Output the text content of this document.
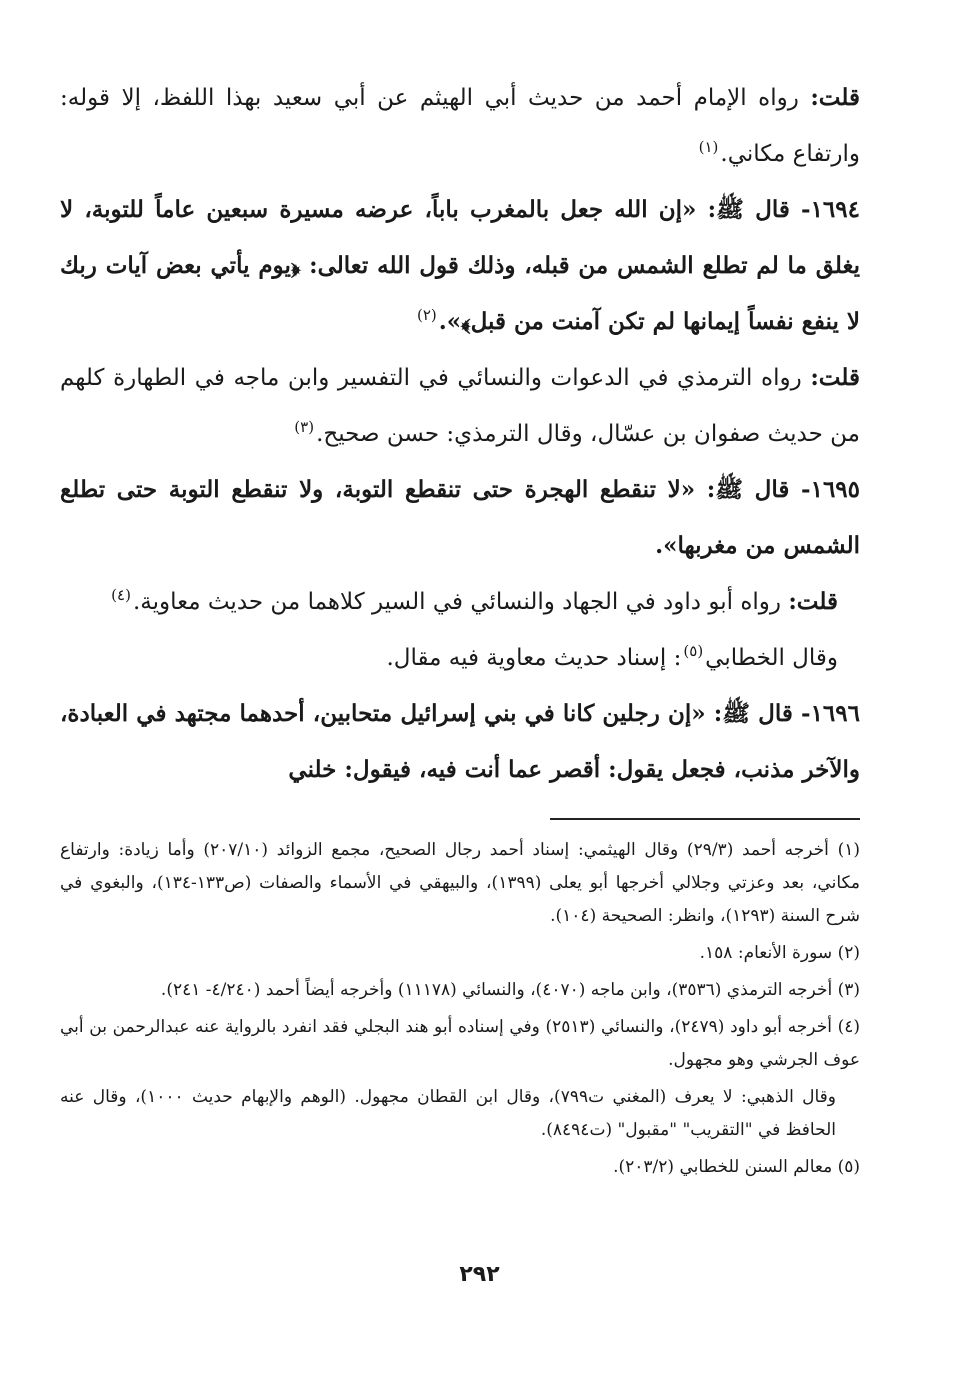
قلت: رواه الإمام أحمد من حديث أبي الهيثم عن أبي سعيد بهذا اللفظ، إلا قوله: وارتفاع مكاني.$^{(١)}$

١٦٩٤- قال ﷺ: «إن الله جعل بالمغرب باباً، عرضه مسيرة سبعين عاماً للتوبة، لا يغلق ما لم تطلع الشمس من قبله، وذلك قول الله تعالى: ﴿يوم يأتي بعض آيات ربك لا ينفع نفساً إيمانها لم تكن آمنت من قبل﴾».$^{(٢)}$

قلت: رواه الترمذي في الدعوات والنسائي في التفسير وابن ماجه في الطهارة كلهم من حديث صفوان بن عسّال، وقال الترمذي: حسن صحيح.$^{(٣)}$

١٦٩٥- قال ﷺ: «لا تنقطع الهجرة حتى تنقطع التوبة، ولا تنقطع التوبة حتى تطلع الشمس من مغربها».

قلت: رواه أبو داود في الجهاد والنسائي في السير كلاهما من حديث معاوية.$^{(٤)}$

وقال الخطابي$^{(٥)}$: إسناد حديث معاوية فيه مقال.

١٦٩٦- قال ﷺ: «إن رجلين كانا في بني إسرائيل متحابين، أحدهما مجتهد في العبادة، والآخر مذنب، فجعل يقول: أقصر عما أنت فيه، فيقول: خلني

(١) أخرجه أحمد (٢٩/٣) وقال الهيثمي: إسناد أحمد رجال الصحيح، مجمع الزوائد (٢٠٧/١٠) وأما زيادة: وارتفاع مكاني، بعد وعزتي وجلالي أخرجها أبو يعلى (١٣٩٩)، والبيهقي في الأسماء والصفات (ص١٣٣-١٣٤)، والبغوي في شرح السنة (١٢٩٣)، وانظر: الصحيحة (١٠٤).

(٢) سورة الأنعام: ١٥٨.

(٣) أخرجه الترمذي (٣٥٣٦)، وابن ماجه (٤٠٧٠)، والنسائي (١١١٧٨) وأخرجه أيضاً أحمد (٤/٢٤٠- ٢٤١).

(٤) أخرجه أبو داود (٢٤٧٩)، والنسائي (٢٥١٣) وفي إسناده أبو هند البجلي فقد انفرد بالرواية عنه عبدالرحمن بن أبي عوف الجرشي وهو مجهول.

وقال الذهبي: لا يعرف (المغني ت٧٩٩)، وقال ابن القطان مجهول. (الوهم والإبهام حديث ١٠٠٠)، وقال عنه الحافظ في "التقريب" "مقبول" (ت٨٤٩٤).

(٥) معالم السنن للخطابي (٢٠٣/٢).

٢٩٢
